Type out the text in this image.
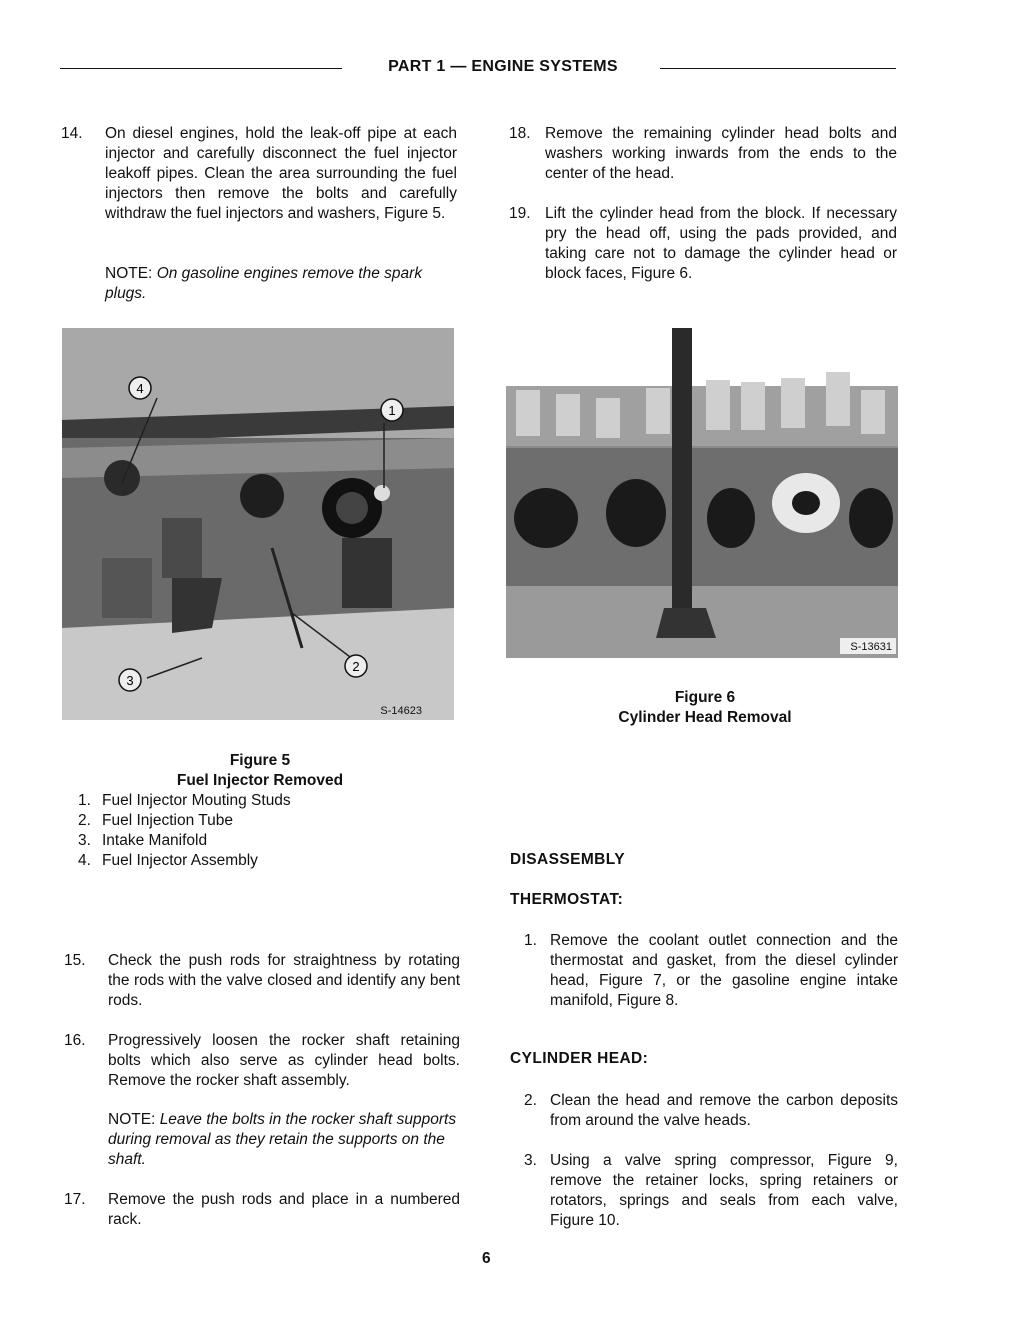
PART 1 — ENGINE SYSTEMS
14. On diesel engines, hold the leak-off pipe at each injector and carefully disconnect the fuel injector leakoff pipes. Clean the area surrounding the fuel injectors then remove the bolts and carefully withdraw the fuel injectors and washers, Figure 5.
NOTE: On gasoline engines remove the spark plugs.
18. Remove the remaining cylinder head bolts and washers working inwards from the ends to the center of the head.
19. Lift the cylinder head from the block. If necessary pry the head off, using the pads provided, and taking care not to damage the cylinder head or block faces, Figure 6.
4
1
2
3
S-14623
S-13631
Figure 6
Cylinder Head Removal
Figure 5
Fuel Injector Removed
1. Fuel Injector Mouting Studs
2. Fuel Injection Tube
3. Intake Manifold
4. Fuel Injector Assembly	DISASSEMBLY
THERMOSTAT:
1. Remove the coolant outlet connection and the thermostat and gasket, from the diesel cylinder head, Figure 7, or the gasoline engine intake manifold, Figure 8.
CYLINDER HEAD:
2. Clean the head and remove the carbon deposits from around the valve heads.
3. Using a valve spring compressor, Figure 9, remove the retainer locks, spring retainers or rotators, springs and seals from each valve, Figure 10.
15. Check the push rods for straightness by rotating the rods with the valve closed and identify any bent rods.
16. Progressively loosen the rocker shaft retaining bolts which also serve as cylinder head bolts. Remove the rocker shaft assembly.
NOTE: Leave the bolts in the rocker shaft supports during removal as they retain the supports on the shaft.
17. Remove the push rods and place in a numbered rack.
6
